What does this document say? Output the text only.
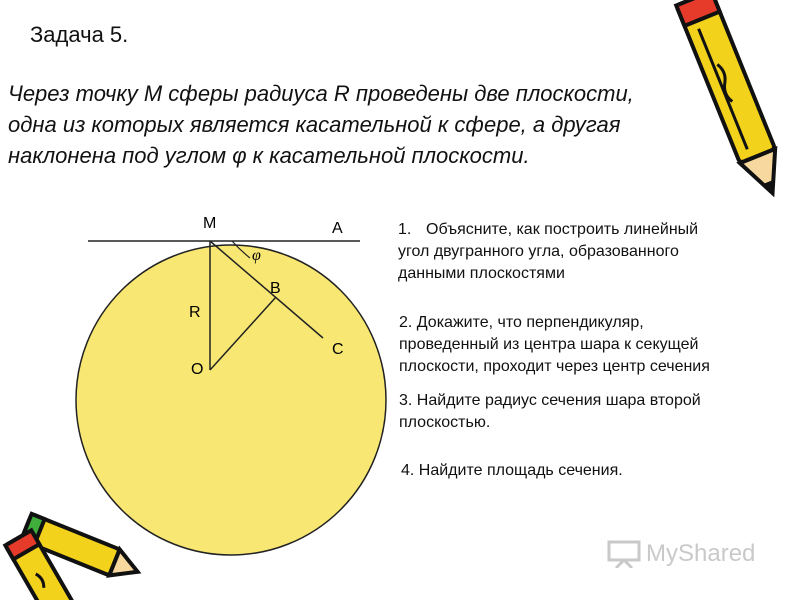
Задача 5.
Через точку М сферы радиуса R проведены две плоскости,
одна из которых является касательной к сфере, а другая
наклонена под углом φ к касательной плоскости.
M	A
φ
B
R
O
C
1. Объясните, как построить линейный
угол двугранного угла, образованного
данными плоскостями
2. Докажите, что перпендикуляр,
проведенный из центра шара к секущей
плоскости, проходит через центр сечения
3. Найдите радиус сечения шара второй
плоскостью.
4. Найдите площадь сечения.
MyShared
